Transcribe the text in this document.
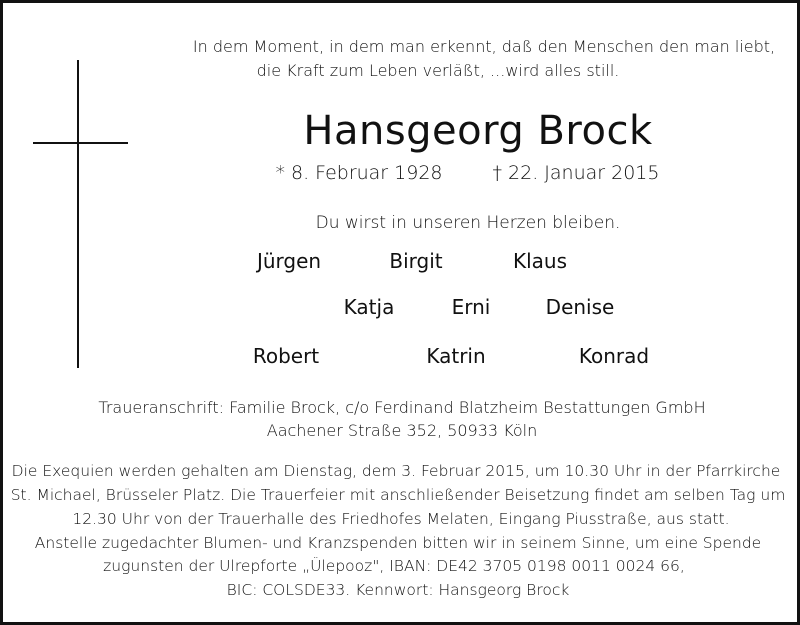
In dem Moment, in dem man erkennt, daß den Menschen den man liebt,
die Kraft zum Leben verläßt, ...wird alles still.
Hansgeorg Brock
* 8. Februar 1928	† 22. Januar 2015
Du wirst in unseren Herzen bleiben.
Jürgen	Birgit	Klaus
Katja	Erni	Denise
Robert	Katrin	Konrad
Traueranschrift: Familie Brock, c/o Ferdinand Blatzheim Bestattungen GmbH
Aachener Straße 352, 50933 Köln
Die Exequien werden gehalten am Dienstag, dem 3. Februar 2015, um 10.30 Uhr in der Pfarrkirche
St. Michael, Brüsseler Platz. Die Trauerfeier mit anschließender Beisetzung findet am selben Tag um
12.30 Uhr von der Trauerhalle des Friedhofes Melaten, Eingang Piusstraße, aus statt.
Anstelle zugedachter Blumen- und Kranzspenden bitten wir in seinem Sinne, um eine Spende
zugunsten der Ulrepforte „Ülepooz", IBAN: DE42 3705 0198 0011 0024 66,
BIC: COLSDE33. Kennwort: Hansgeorg Brock
